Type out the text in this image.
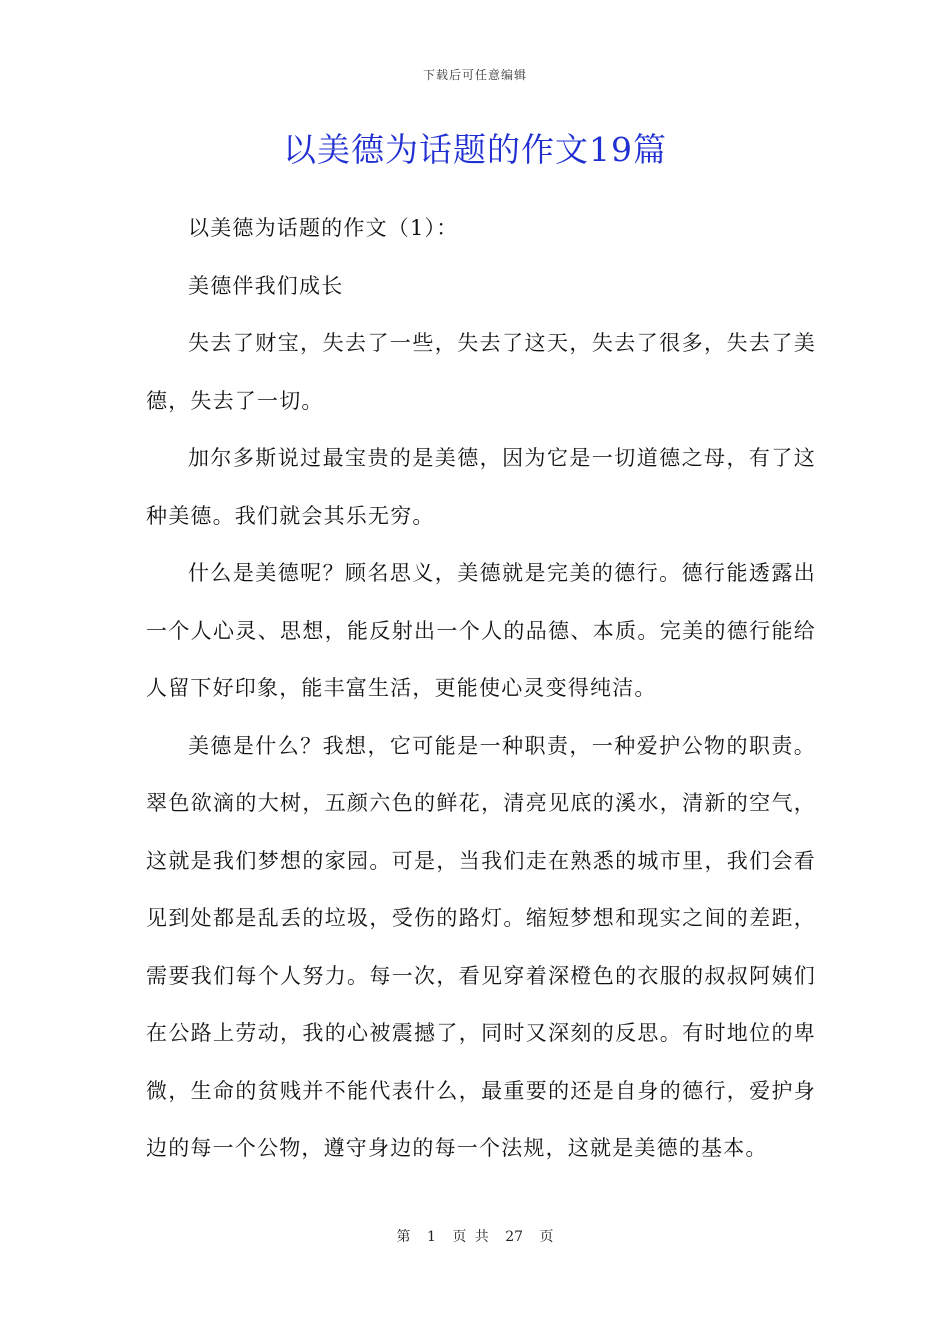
下载后可任意编辑
以美德为话题的作文19篇

以美德为话题的作文（1）：

美德伴我们成长

失去了财宝，失去了一些，失去了这天，失去了很多，失去了美德，失去了一切。

加尔多斯说过最宝贵的是美德，因为它是一切道德之母，有了这种美德。我们就会其乐无穷。

什么是美德呢？顾名思义，美德就是完美的德行。德行能透露出一个人心灵、思想，能反射出一个人的品德、本质。完美的德行能给人留下好印象，能丰富生活，更能使心灵变得纯洁。

美德是什么？我想，它可能是一种职责，一种爱护公物的职责。翠色欲滴的大树，五颜六色的鲜花，清亮见底的溪水，清新的空气，这就是我们梦想的家园。可是，当我们走在熟悉的城市里，我们会看见到处都是乱丢的垃圾，受伤的路灯。缩短梦想和现实之间的差距，需要我们每个人努力。每一次，看见穿着深橙色的衣服的叔叔阿姨们在公路上劳动，我的心被震撼了，同时又深刻的反思。有时地位的卑微，生命的贫贱并不能代表什么，最重要的还是自身的德行，爱护身边的每一个公物，遵守身边的每一个法规，这就是美德的基本。

第 1 页 共 27 页
